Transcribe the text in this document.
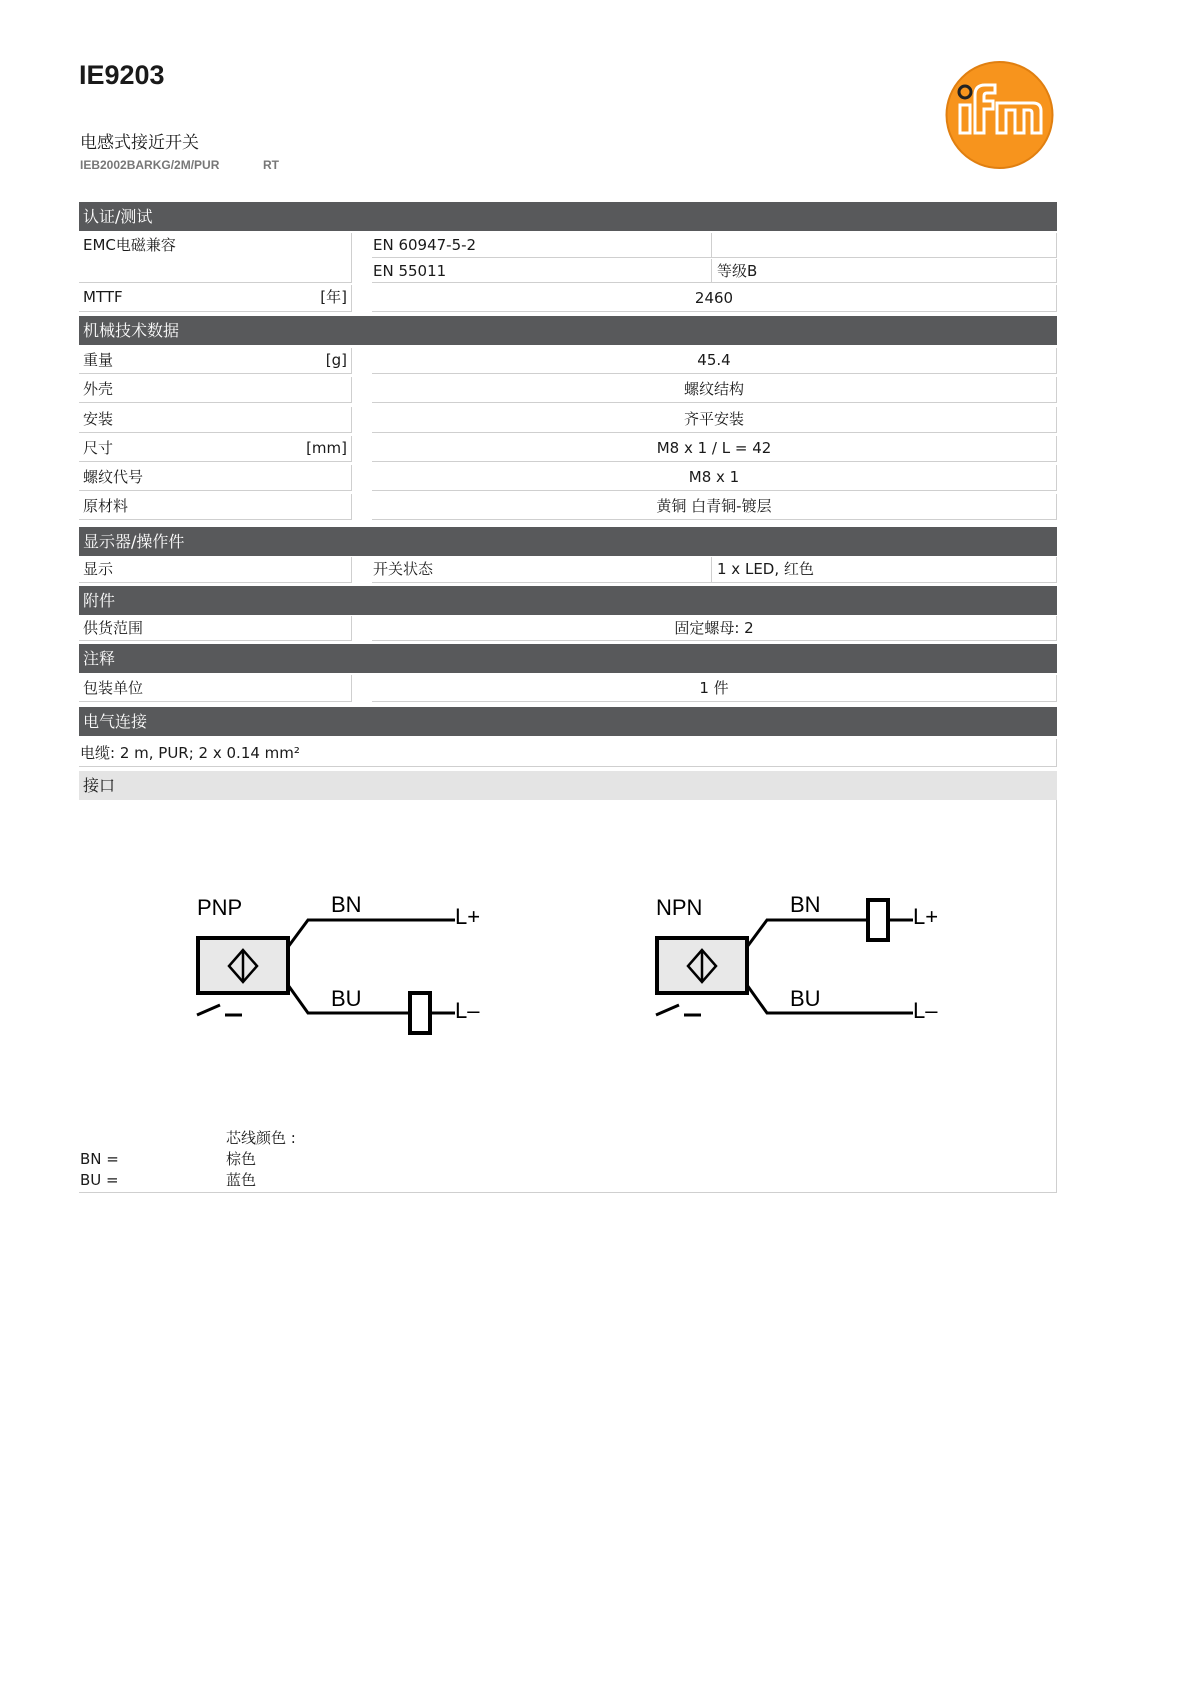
IE9203
电感式接近开关
IEB2002BARKG/2M/PUR	RT
认证/测试
EMC电磁兼容	EN 60947-5-2
EN 55011	等级B
MTTF	[年]	2460
机械技术数据
重量	[g]	45.4
外壳	螺纹结构
安装	齐平安装
尺寸	[mm]	M8 x 1 / L = 42
螺纹代号	M8 x 1
原材料	黄铜 白青铜-镀层
显示器/操作件
显示	开关状态	1 x LED, 红色
附件
供货范围	固定螺母: 2
注释
包装单位	1 件
电气连接
电缆: 2 m, PUR; 2 x 0.14 mm²
接口
PNP	BN
BU
L+
L–
NPN	BN
BU
L+
L–
芯线颜色 :
BN =	棕色
BU =	蓝色
